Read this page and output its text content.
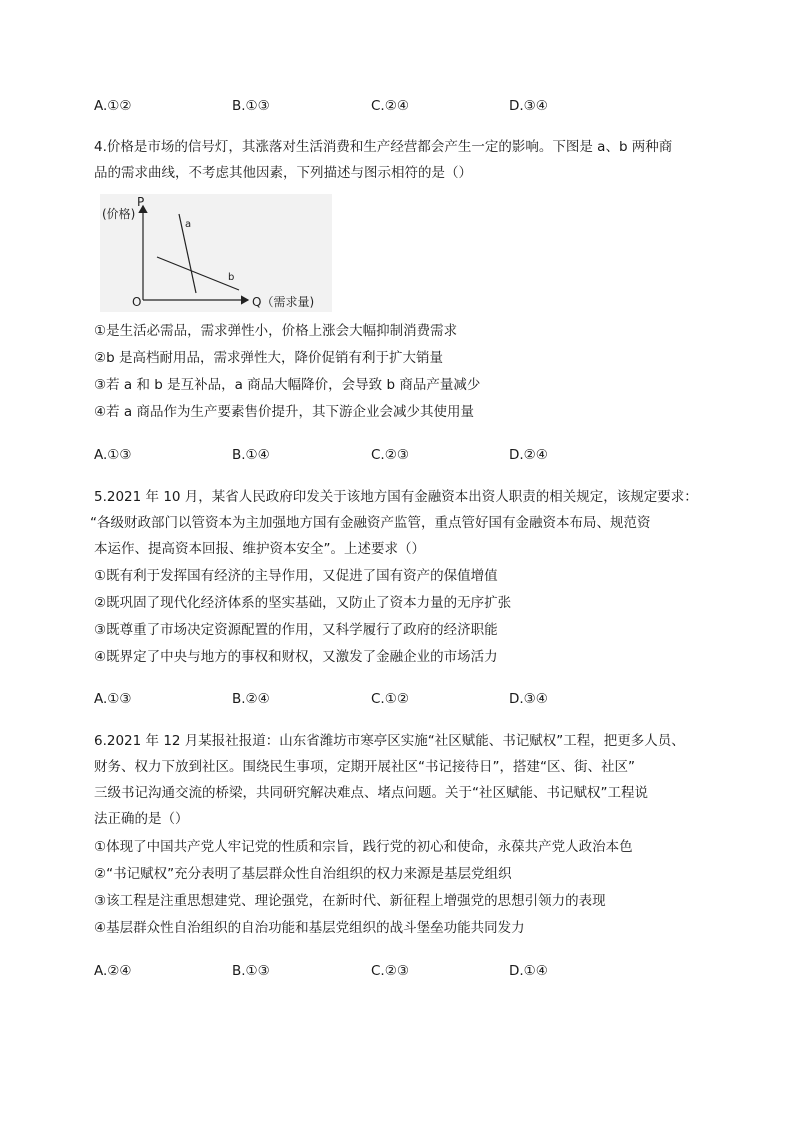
A.①②	B.①③	C.②④	D.③④
4.价格是市场的信号灯，其涨落对生活消费和生产经营都会产生一定的影响。下图是 a、b 两种商
品的需求曲线，不考虑其他因素，下列描述与图示相符的是（）
P
(价格)
O	Q（需求量)
a
b
①是生活必需品，需求弹性小，价格上涨会大幅抑制消费需求
②b 是高档耐用品，需求弹性大，降价促销有利于扩大销量
③若 a 和 b 是互补品，a 商品大幅降价，会导致 b 商品产量减少
④若 a 商品作为生产要素售价提升，其下游企业会减少其使用量
A.①③	B.①④	C.②③	D.②④
5.2021 年 10 月，某省人民政府印发关于该地方国有金融资本出资人职责的相关规定，该规定要求：
“各级财政部门以管资本为主加强地方国有金融资产监管，重点管好国有金融资本布局、规范资
本运作、提高资本回报、维护资本安全”。上述要求（）
①既有利于发挥国有经济的主导作用，又促进了国有资产的保值增值
②既巩固了现代化经济体系的坚实基础，又防止了资本力量的无序扩张
③既尊重了市场决定资源配置的作用，又科学履行了政府的经济职能
④既界定了中央与地方的事权和财权，又激发了金融企业的市场活力
A.①③	B.②④	C.①②	D.③④
6.2021 年 12 月某报社报道：山东省潍坊市寒亭区实施“社区赋能、书记赋权”工程，把更多人员、
财务、权力下放到社区。围绕民生事项，定期开展社区“书记接待日”，搭建“区、街、社区”
三级书记沟通交流的桥梁，共同研究解决难点、堵点问题。关于“社区赋能、书记赋权”工程说
法正确的是（）
①体现了中国共产党人牢记党的性质和宗旨，践行党的初心和使命，永葆共产党人政治本色
②“书记赋权”充分表明了基层群众性自治组织的权力来源是基层党组织
③该工程是注重思想建党、理论强党，在新时代、新征程上增强党的思想引领力的表现
④基层群众性自治组织的自治功能和基层党组织的战斗堡垒功能共同发力
A.②④	B.①③	C.②③	D.①④
